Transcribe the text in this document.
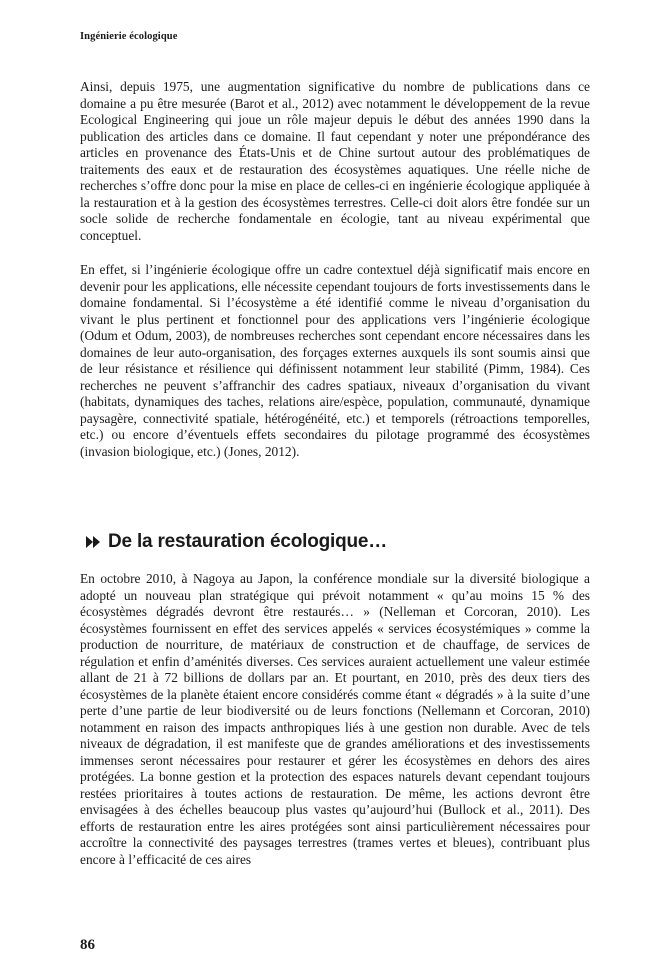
Ingénierie écologique

Ainsi, depuis 1975, une augmentation significative du nombre de publications dans ce domaine a pu être mesurée (Barot et al., 2012) avec notamment le développement de la revue Ecological Engineering qui joue un rôle majeur depuis le début des années 1990 dans la publication des articles dans ce domaine. Il faut cependant y noter une prépondérance des articles en provenance des États-Unis et de Chine surtout autour des problématiques de traitements des eaux et de restauration des écosystèmes aquatiques. Une réelle niche de recherches s’offre donc pour la mise en place de celles-ci en ingénierie écologique appliquée à la restauration et à la gestion des écosystèmes terrestres. Celle-ci doit alors être fondée sur un socle solide de recherche fondamentale en écologie, tant au niveau expérimental que conceptuel.

En effet, si l’ingénierie écologique offre un cadre contextuel déjà significatif mais encore en devenir pour les applications, elle nécessite cependant toujours de forts investissements dans le domaine fondamental. Si l’écosystème a été identifié comme le niveau d’organisation du vivant le plus pertinent et fonctionnel pour des applications vers l’ingénierie écologique (Odum et Odum, 2003), de nombreuses recherches sont cependant encore nécessaires dans les domaines de leur auto-organisation, des forçages externes auxquels ils sont soumis ainsi que de leur résistance et résilience qui définissent notamment leur stabilité (Pimm, 1984). Ces recherches ne peuvent s’affranchir des cadres spatiaux, niveaux d’organisation du vivant (habitats, dynamiques des taches, relations aire/espèce, population, communauté, dynamique paysagère, connectivité spatiale, hétérogénéité, etc.) et temporels (rétroactions temporelles, etc.) ou encore d’éventuels effets secondaires du pilotage programmé des écosystèmes (invasion biologique, etc.) (Jones, 2012).

De la restauration écologique…

En octobre 2010, à Nagoya au Japon, la conférence mondiale sur la diversité biologique a adopté un nouveau plan stratégique qui prévoit notamment « qu’au moins 15 % des écosystèmes dégradés devront être restaurés… » (Nelleman et Corcoran, 2010). Les écosystèmes fournissent en effet des services appelés « services écosystémiques » comme la production de nourriture, de matériaux de construction et de chauffage, de services de régulation et enfin d’aménités diverses. Ces services auraient actuellement une valeur estimée allant de 21 à 72 billions de dollars par an. Et pourtant, en 2010, près des deux tiers des écosystèmes de la planète étaient encore considérés comme étant « dégradés » à la suite d’une perte d’une partie de leur biodiversité ou de leurs fonctions (Nellemann et Corcoran, 2010) notamment en raison des impacts anthropiques liés à une gestion non durable. Avec de tels niveaux de dégradation, il est manifeste que de grandes améliorations et des investissements immenses seront nécessaires pour restaurer et gérer les écosystèmes en dehors des aires protégées. La bonne gestion et la protection des espaces naturels devant cependant toujours restées prioritaires à toutes actions de restauration. De même, les actions devront être envisagées à des échelles beaucoup plus vastes qu’aujourd’hui (Bullock et al., 2011). Des efforts de restauration entre les aires protégées sont ainsi particulièrement nécessaires pour accroître la connectivité des paysages terrestres (trames vertes et bleues), contribuant plus encore à l’efficacité de ces aires

86
